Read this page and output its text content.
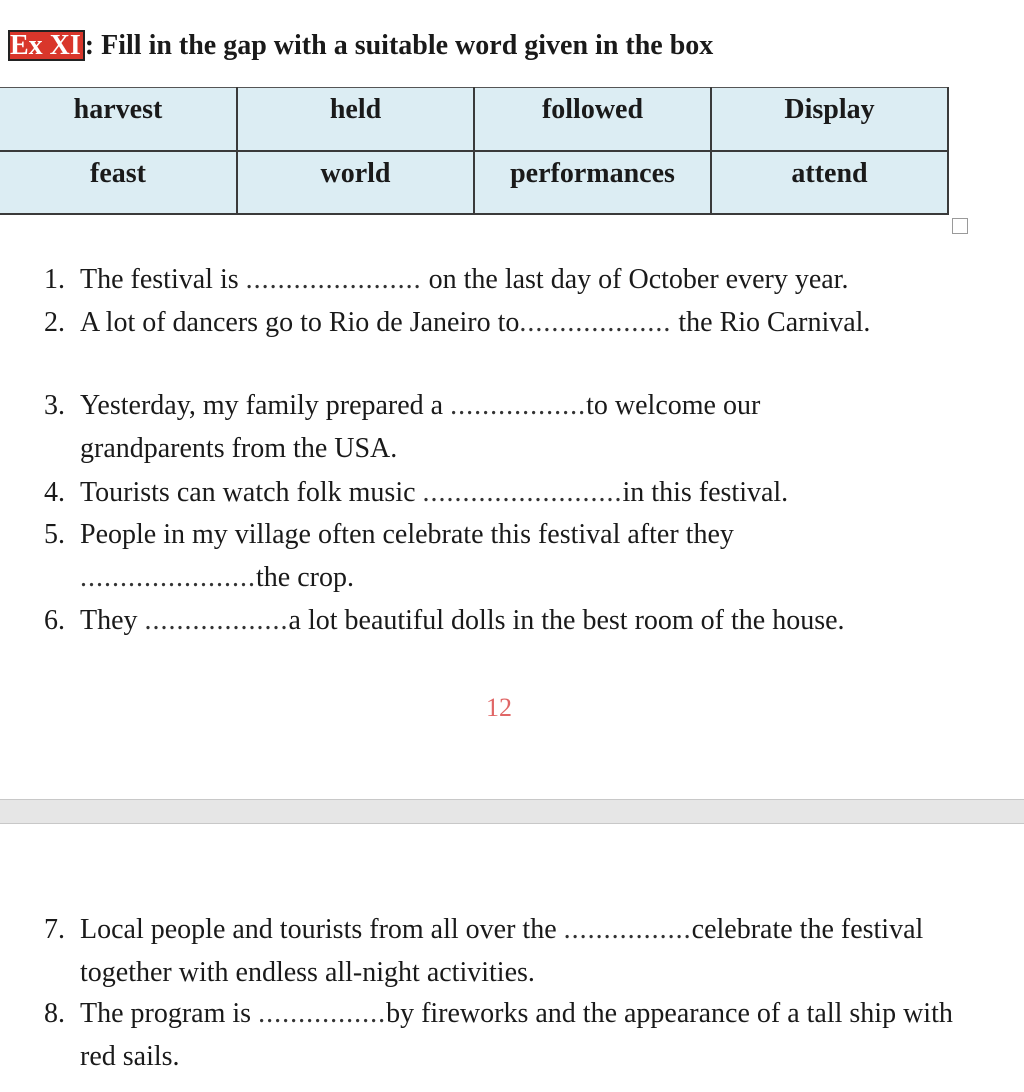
Ex XI : Fill in the gap with a suitable word given in the box
harvest	held	followed	Display
feast	world	performances	attend
1. The festival is ...................... on the last day of October every year.
2. A lot of dancers go to Rio de Janeiro to................... the Rio Carnival.
3. Yesterday, my family prepared a .................to welcome our grandparents from the USA.
4. Tourists can watch folk music .........................in this festival.
5. People in my village often celebrate this festival after they ......................the crop.
6. They ..................a lot beautiful dolls in the best room of the house.
12
7. Local people and tourists from all over the ................celebrate the festival together with endless all-night activities.
8. The program is ................by fireworks and the appearance of a tall ship with red sails.
